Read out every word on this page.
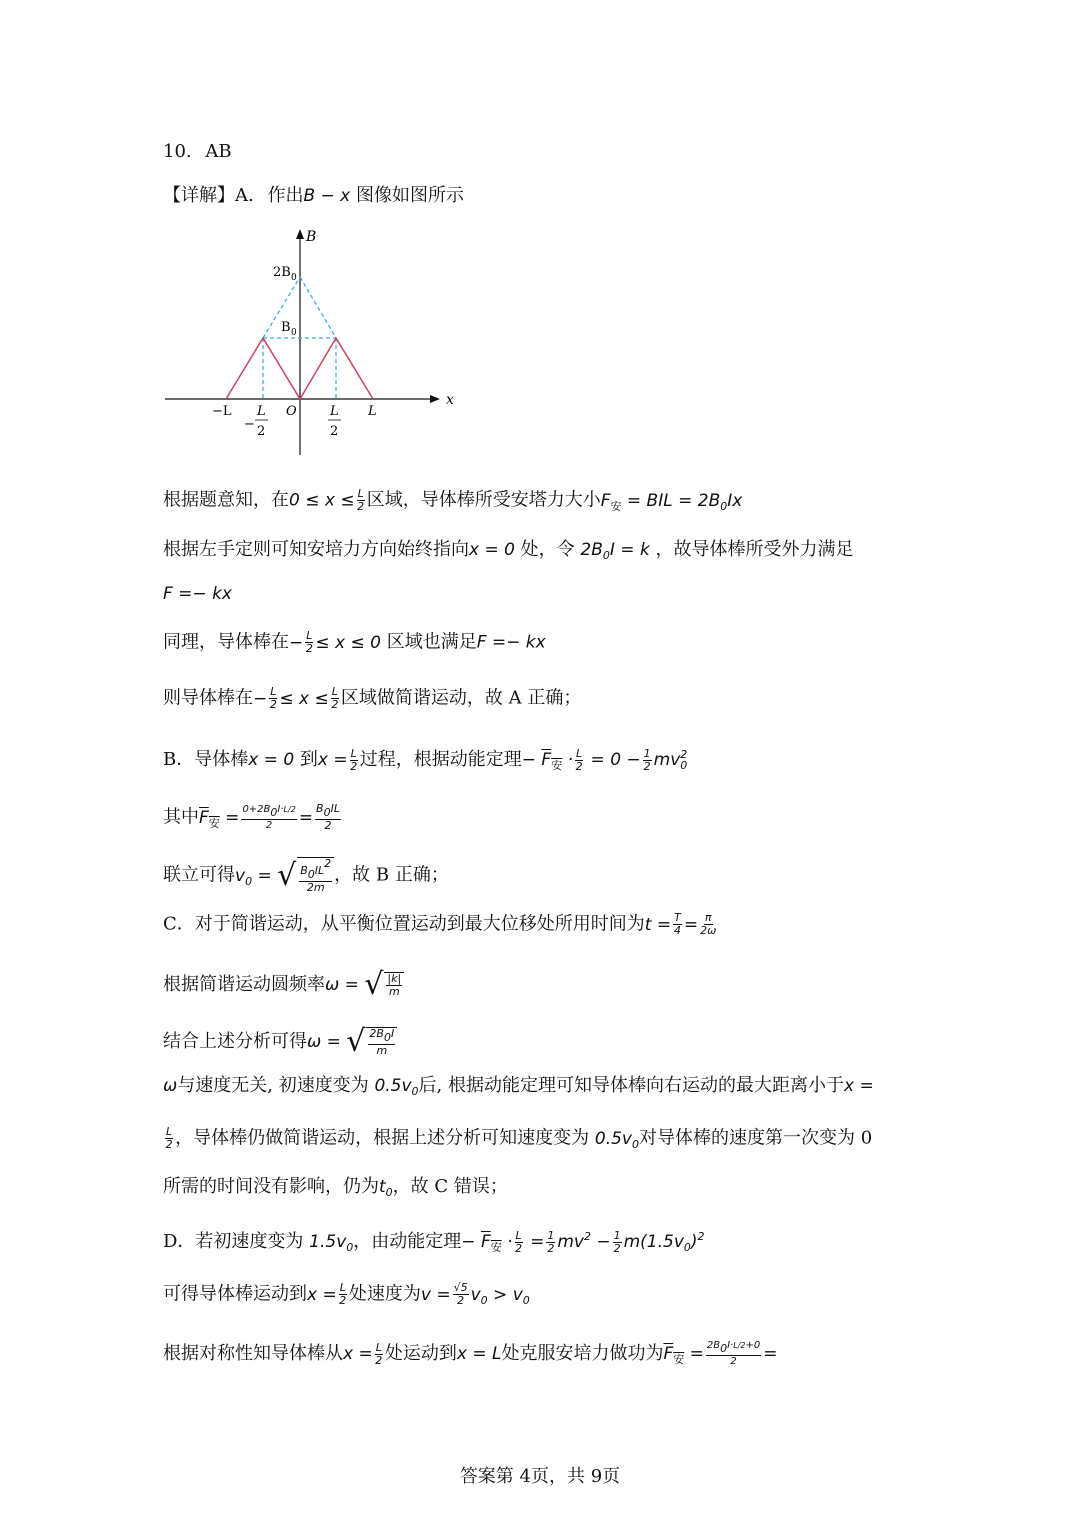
10. AB
【详解】A. 作出B − x 图像如图所示
B
x
2B 0
B 0
−L
−
L
2
O	L
2
L
根据题意知，在$0 \le x \le \frac{L}{2}$ 区域，导体棒所受安塔力大小$F_安$ = BIL = $2B_0Ix$
根据左手定则可知安培力方向始终指向x = 0 处，令 $2B_0I = k$ ，故导体棒所受外力满足
F =− kx
同理，导体棒在− $\frac{L}{2} \le x \le 0$ 区域也满足F =− kx
则导体棒在− $\frac{L}{2} \le x \le \frac{L}{2}$ 区域做简谐运动，故 A 正确；
B．导体棒x = 0 到$x = \frac{L}{2}$ 过程，根据动能定理− $F_安 \cdot \frac{L}{2} = 0 - \frac{1}{2} mv^2_0$
其中$F_安 = \frac{0+2B0I\cdot L/2}{2} = \frac{B0IL}{2}$
联立可得$v_0$ = √ $\frac{B0IL2}{2m}$ ，故 B 正确；
C．对于简谐运动，从平衡位置运动到最大位移处所用时间为$t = \frac{T}{4} = \frac{\pi}{2\omega}$
根据简谐运动圆频率ω = √ $\frac{|k|}{m}$
结合上述分析可得ω = √ $\frac{2B0I}{m}$
ω与速度无关, 初速度变为 $0.5v_0$后, 根据动能定理可知导体棒向右运动的最大距离小于x =
$\frac{L}{2}$ ，导体棒仍做简谐运动，根据上述分析可知速度变为 $0.5v_0$对导体棒的速度第一次变为 0
所需的时间没有影响，仍为$t_0$，故 C 错误；
D．若初速度变为 $1.5v_0$，由动能定理− $F_安 \cdot \frac{L}{2} = \frac{1}{2} mv^2 - \frac{1}{2} m(1.5v_0)^2$
可得导体棒运动到$x = \frac{L}{2}$ 处速度为$v = \frac{√5}{2} v_0 > v_0$
根据对称性知导体棒从$x = \frac{L}{2}$ 处运动到x = L处克服安培力做功为$F_安 = \frac{2B0I\cdot L/2+0}{2}$ =
答案第 4页，共 9页
